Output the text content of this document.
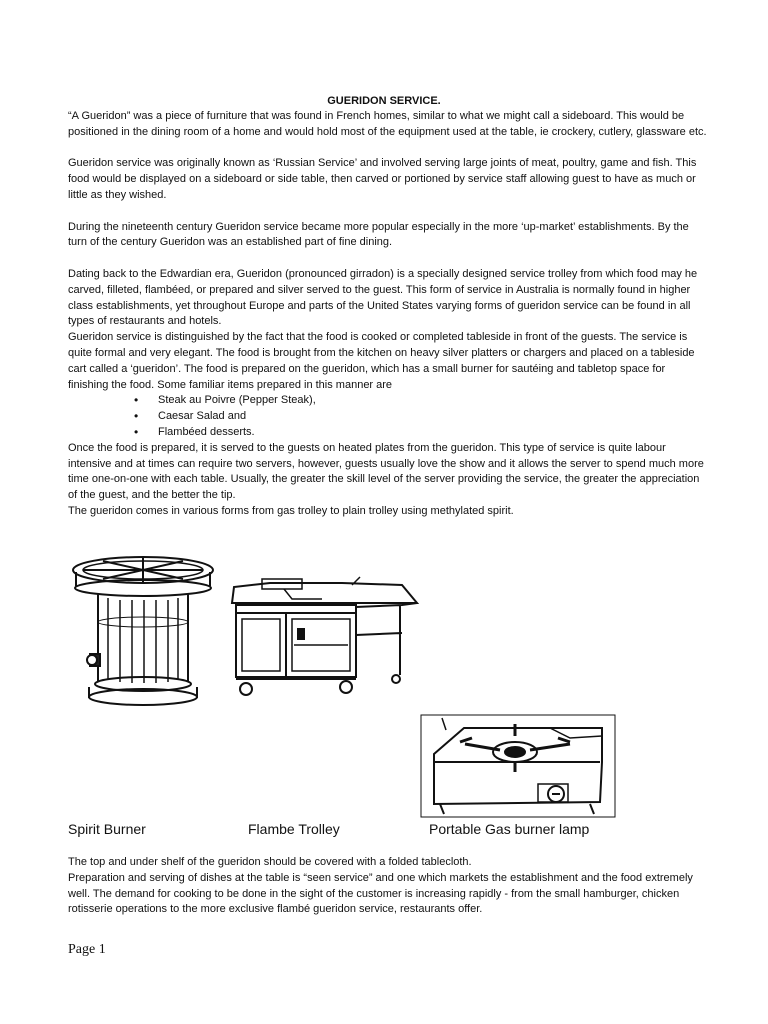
GUERIDON SERVICE.

“A Gueridon” was a piece of furniture that was found in French homes, similar to what we might call a sideboard. This would be positioned in the dining room of a home and would hold most of the equipment used at the table, ie crockery, cutlery, glassware etc.

Gueridon service was originally known as ‘Russian Service’ and involved serving large joints of meat, poultry, game and fish. This food would be displayed on a sideboard or side table, then carved or portioned by service staff allowing guest to have as much or little as they wished.

During the nineteenth century Gueridon service became more popular especially in the more ‘up-market’ establishments. By the turn of the century Gueridon was an established part of fine dining.

Dating back to the Edwardian era, Gueridon (pronounced girradon) is a specially designed service trolley from which food may he carved, filleted, flambéed, or prepared and silver served to the guest. This form of service in Australia is normally found in higher class establishments, yet throughout Europe and parts of the United States varying forms of gueridon service can be found in all types of restaurants and hotels.

Gueridon service is distinguished by the fact that the food is cooked or completed tableside in front of the guests. The service is quite formal and very elegant. The food is brought from the kitchen on heavy silver platters or chargers and placed on a tableside cart called a ‘gueridon’. The food is prepared on the gueridon, which has a small burner for sautéing and tabletop space for finishing the food. Some familiar items prepared in this manner are

• Steak au Poivre (Pepper Steak),
• Caesar Salad and
• Flambéed desserts.

Once the food is prepared, it is served to the guests on heated plates from the gueridon. This type of service is quite labour intensive and at times can require two servers, however, guests usually love the show and it allows the server to spend much more time one-on-one with each table. Usually, the greater the skill level of the server providing the service, the greater the appreciation of the guest, and the better the tip.

The gueridon comes in various forms from gas trolley to plain trolley using methylated spirit.

Spirit Burner	Flambe Trolley	Portable Gas burner lamp

The top and under shelf of the gueridon should be covered with a folded tablecloth.

Preparation and serving of dishes at the table is “seen service” and one which markets the establishment and the food extremely well. The demand for cooking to be done in the sight of the customer is increasing rapidly - from the small hamburger, chicken rotisserie operations to the more exclusive flambé gueridon service, restaurants offer.

Page 1
